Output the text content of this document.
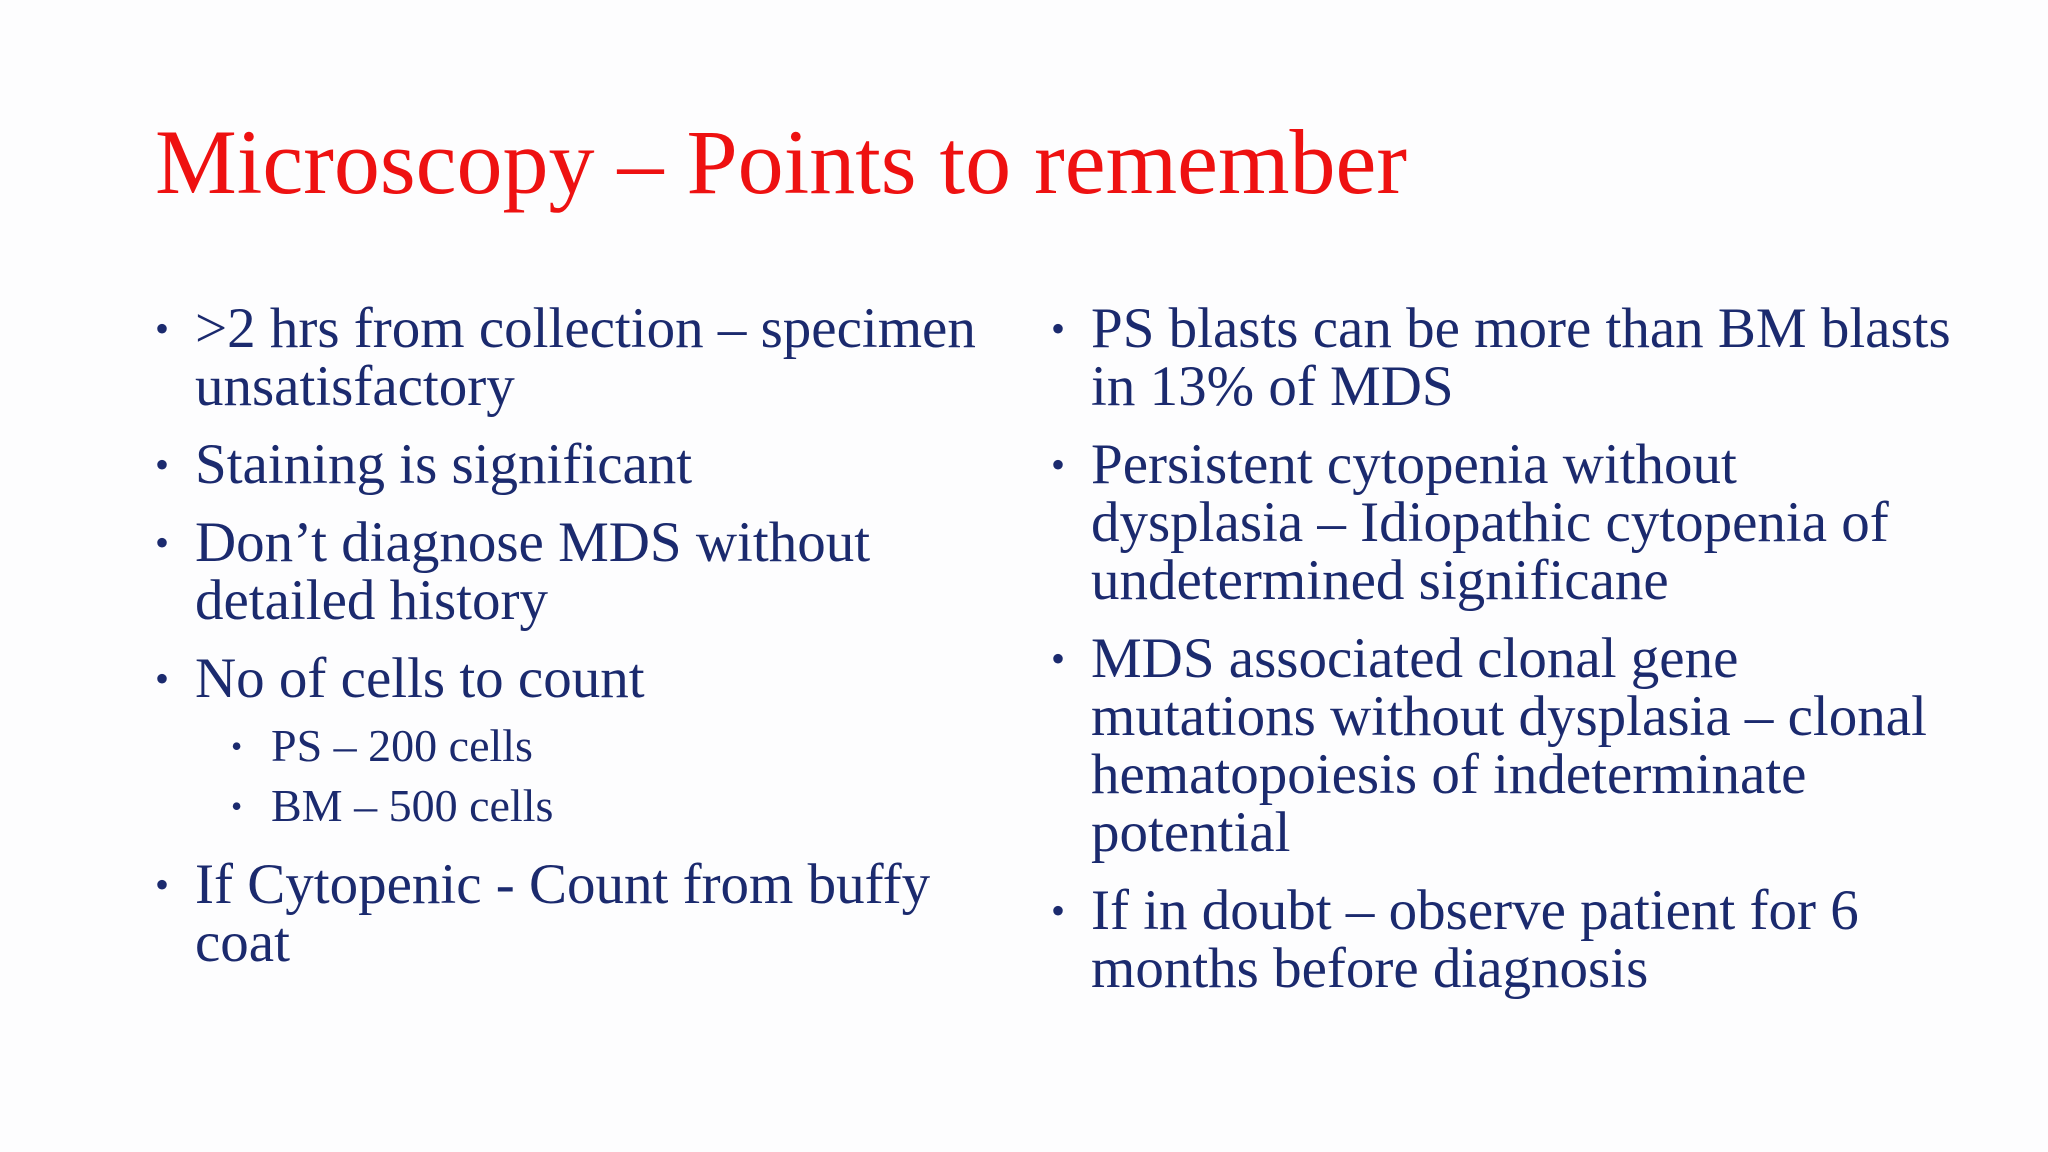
Microscopy – Points to remember
• >2 hrs from collection – specimen unsatisfactory
• Staining is significant
• Don’t diagnose MDS without detailed history
• No of cells to count
• PS – 200 cells
• BM – 500 cells
• If Cytopenic - Count from buffy coat
• PS blasts can be more than BM blasts in 13% of MDS
• Persistent cytopenia without dysplasia – Idiopathic cytopenia of undetermined significane
• MDS associated clonal gene mutations without dysplasia – clonal hematopoiesis of indeterminate potential
• If in doubt – observe patient for 6 months before diagnosis
